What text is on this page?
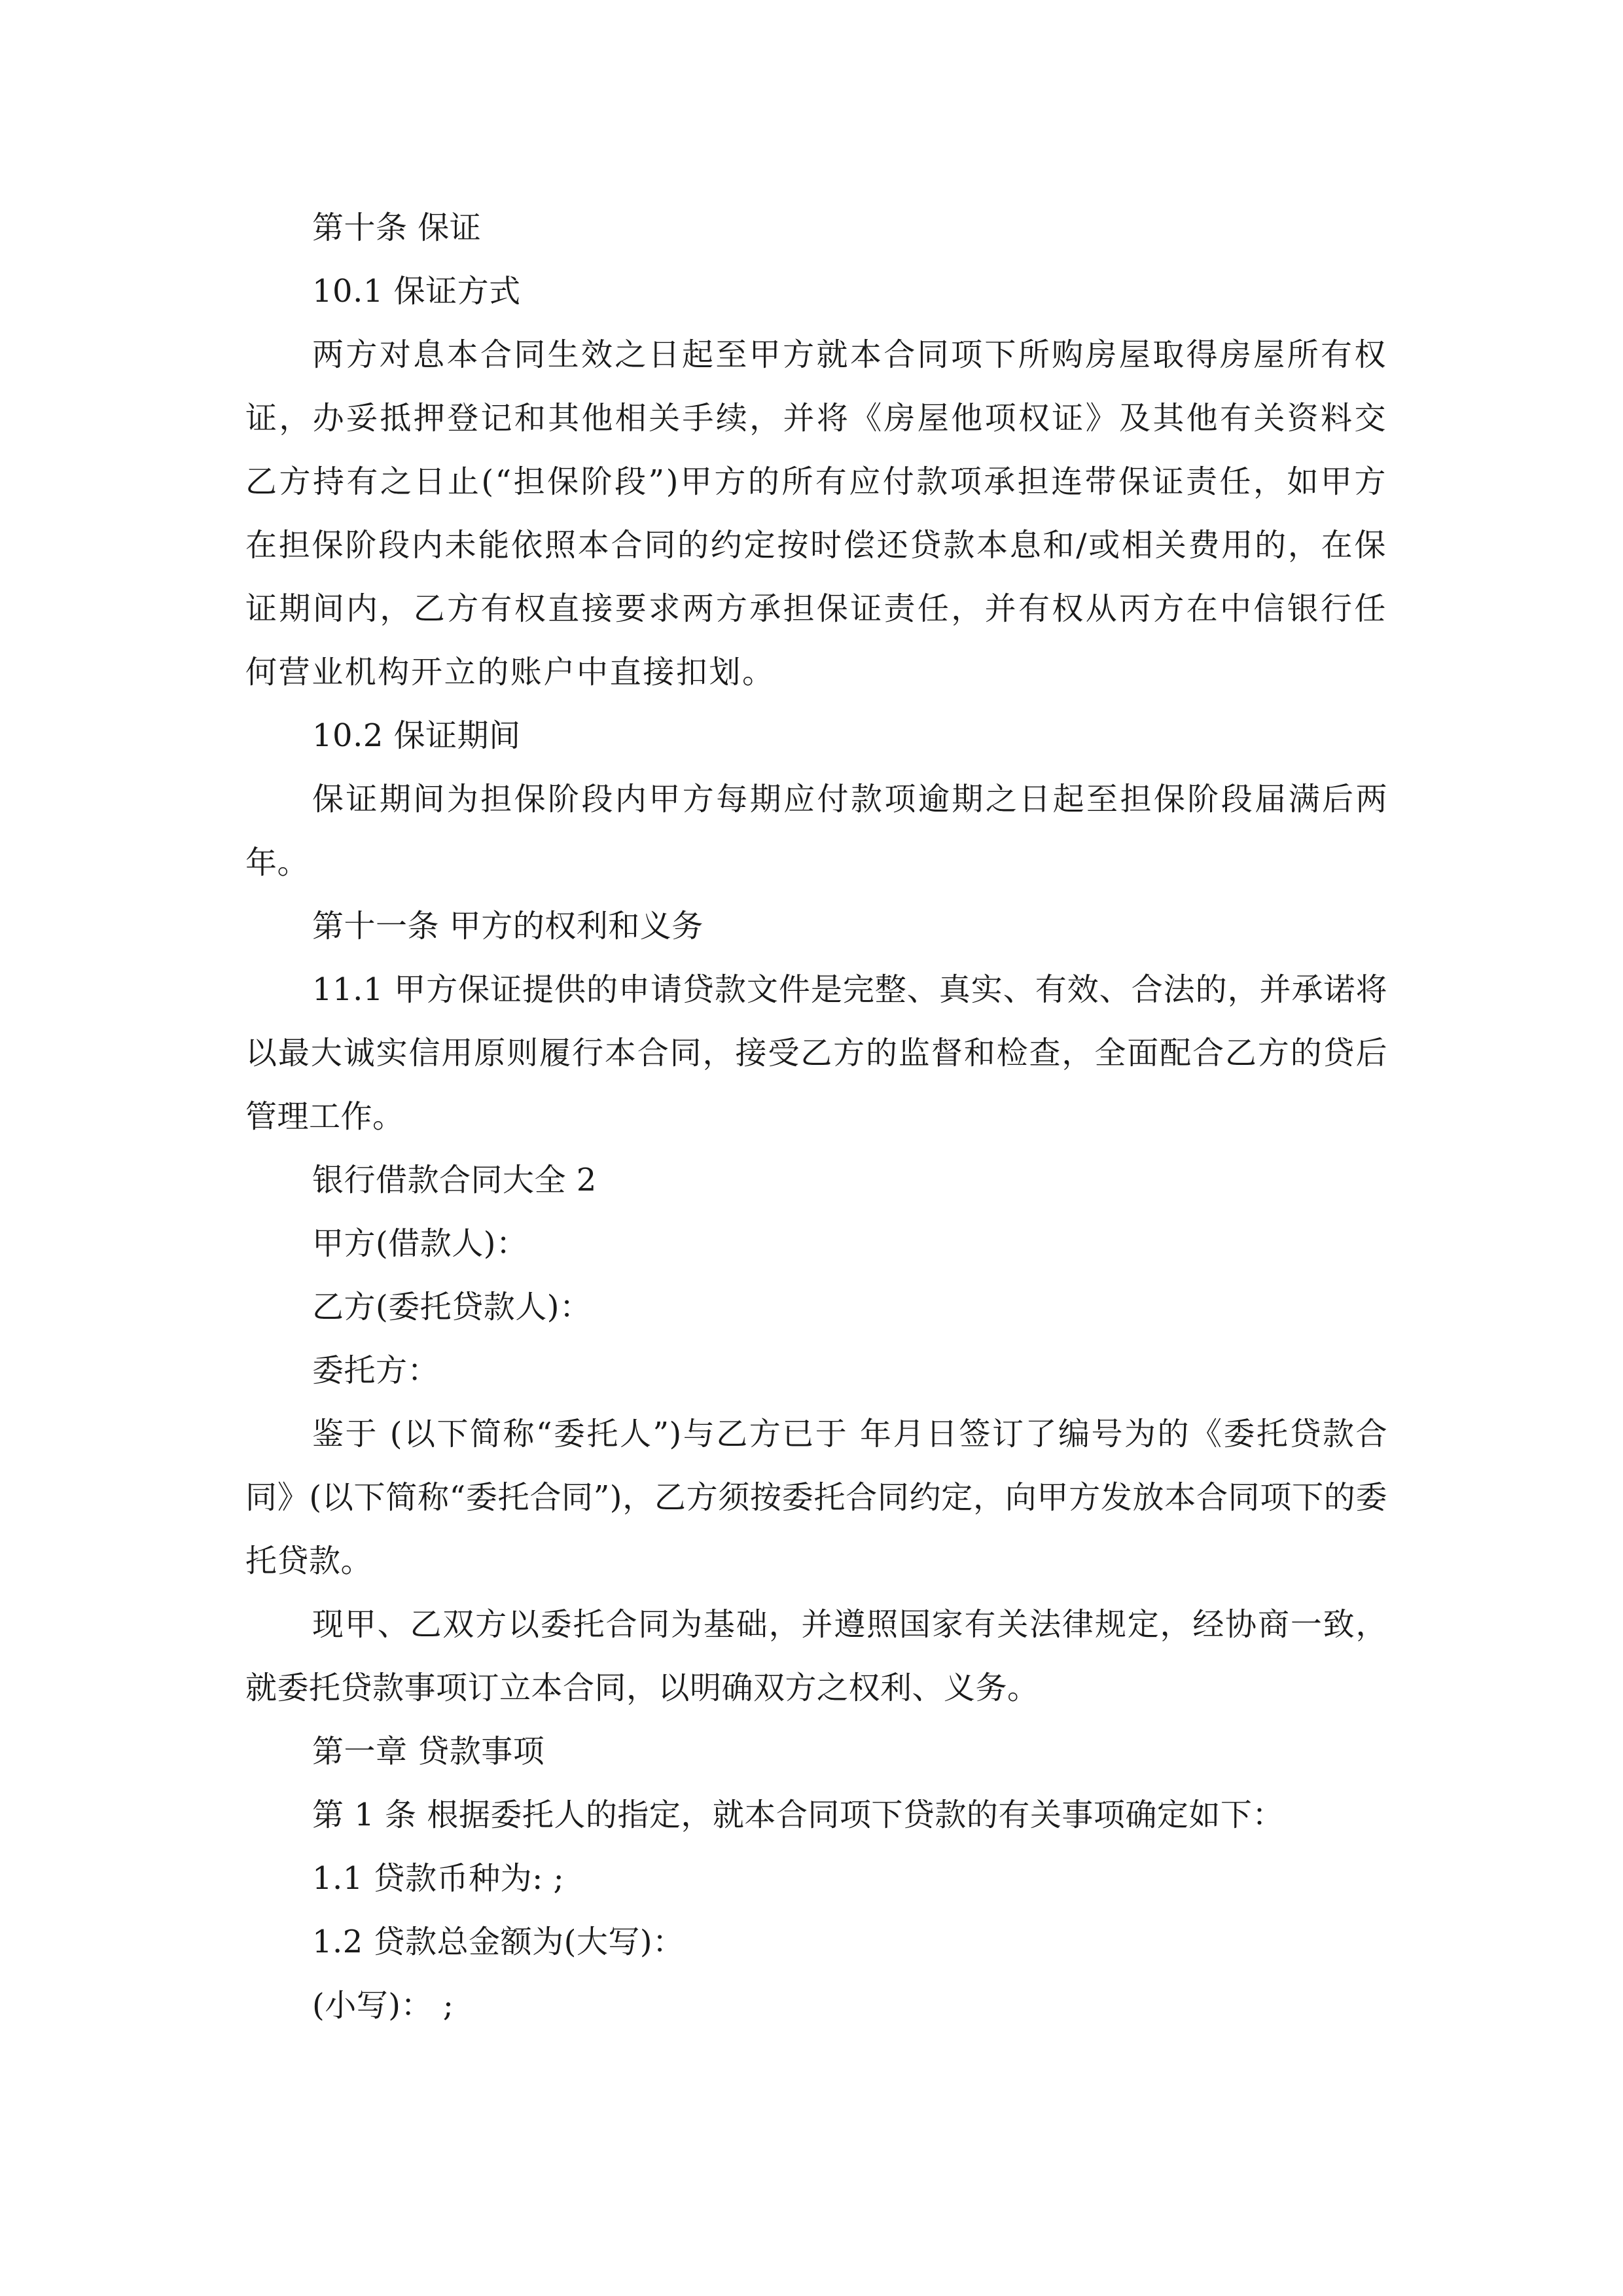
第十条 保证
10.1 保证方式

两方对息本合同生效之日起至甲方就本合同项下所购房屋取得房屋所有权证，办妥抵押登记和其他相关手续，并将《房屋他项权证》及其他有关资料交乙方持有之日止(“担保阶段”)甲方的所有应付款项承担连带保证责任，如甲方在担保阶段内未能依照本合同的约定按时偿还贷款本息和/或相关费用的，在保证期间内，乙方有权直接要求两方承担保证责任，并有权从丙方在中信银行任何营业机构开立的账户中直接扣划。

10.2 保证期间

保证期间为担保阶段内甲方每期应付款项逾期之日起至担保阶段届满后两年。

第十一条 甲方的权利和义务

11.1 甲方保证提供的申请贷款文件是完整、真实、有效、合法的，并承诺将以最大诚实信用原则履行本合同，接受乙方的监督和检查，全面配合乙方的贷后管理工作。

银行借款合同大全 2
甲方(借款人)：
乙方(委托贷款人)：
委托方：

鉴于 (以下简称“委托人”)与乙方已于 年月日签订了编号为的《委托贷款合同》(以下简称“委托合同”)，乙方须按委托合同约定，向甲方发放本合同项下的委托贷款。

现甲、乙双方以委托合同为基础，并遵照国家有关法律规定，经协商一致，就委托贷款事项订立本合同，以明确双方之权利、义务。

第一章 贷款事项
第 1 条 根据委托人的指定，就本合同项下贷款的有关事项确定如下：
1.1 贷款币种为: ;
1.2 贷款总金额为(大写)：
(小写)： ;
